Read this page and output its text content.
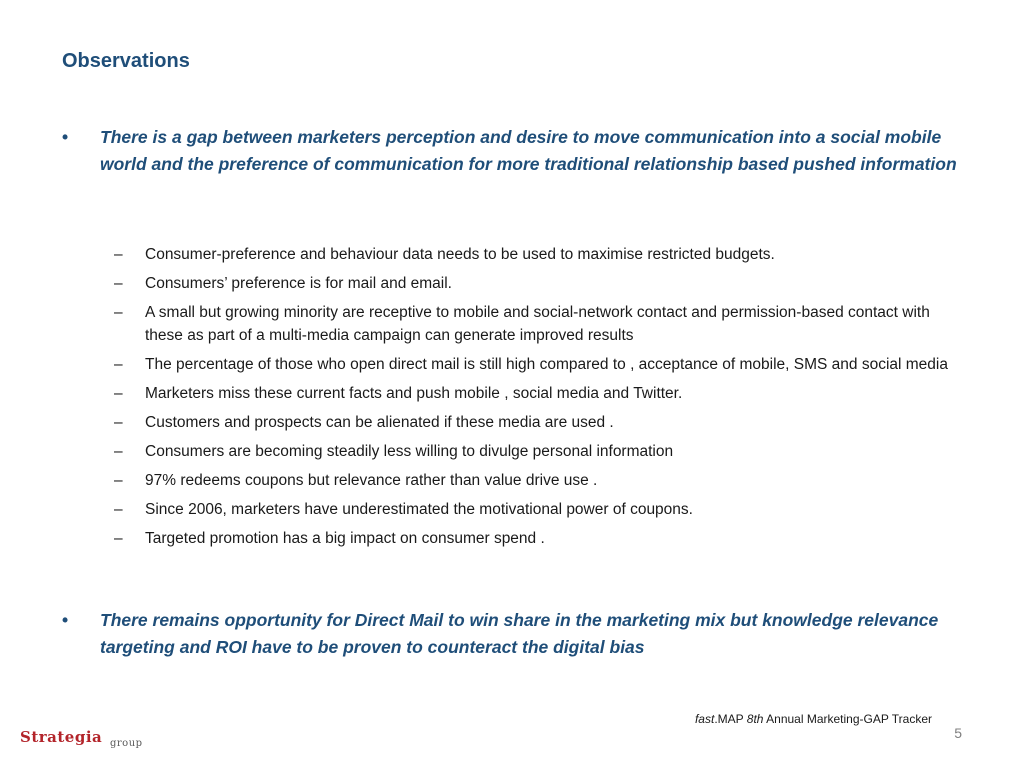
Observations
•	There is a gap between marketers perception and desire to move communication into a social mobile world and the preference of communication for more traditional relationship based pushed information
–	Consumer-preference and behaviour data needs to be used to maximise restricted budgets.
–	Consumers’ preference is for mail and email.
–	A small but growing minority are receptive to mobile and social-network contact and permission-based contact with these as part of a multi-media campaign can generate improved results
–	The percentage of those who open direct mail is still high compared to , acceptance of mobile, SMS and social media
–	Marketers miss these current facts and push mobile , social media and Twitter.
–	Customers and prospects can be alienated if these media are used .
–	Consumers are becoming steadily less willing to divulge personal information
–	97% redeems coupons but relevance rather than value drive use .
–	Since 2006, marketers have underestimated the motivational power of coupons.
–	Targeted promotion has a big impact on consumer spend .
•	There remains opportunity for Direct Mail to win share in the marketing mix but knowledge relevance targeting and ROI have to be proven to counteract the digital bias
fast.MAP 8th Annual Marketing-GAP Tracker
5
Strategia group
